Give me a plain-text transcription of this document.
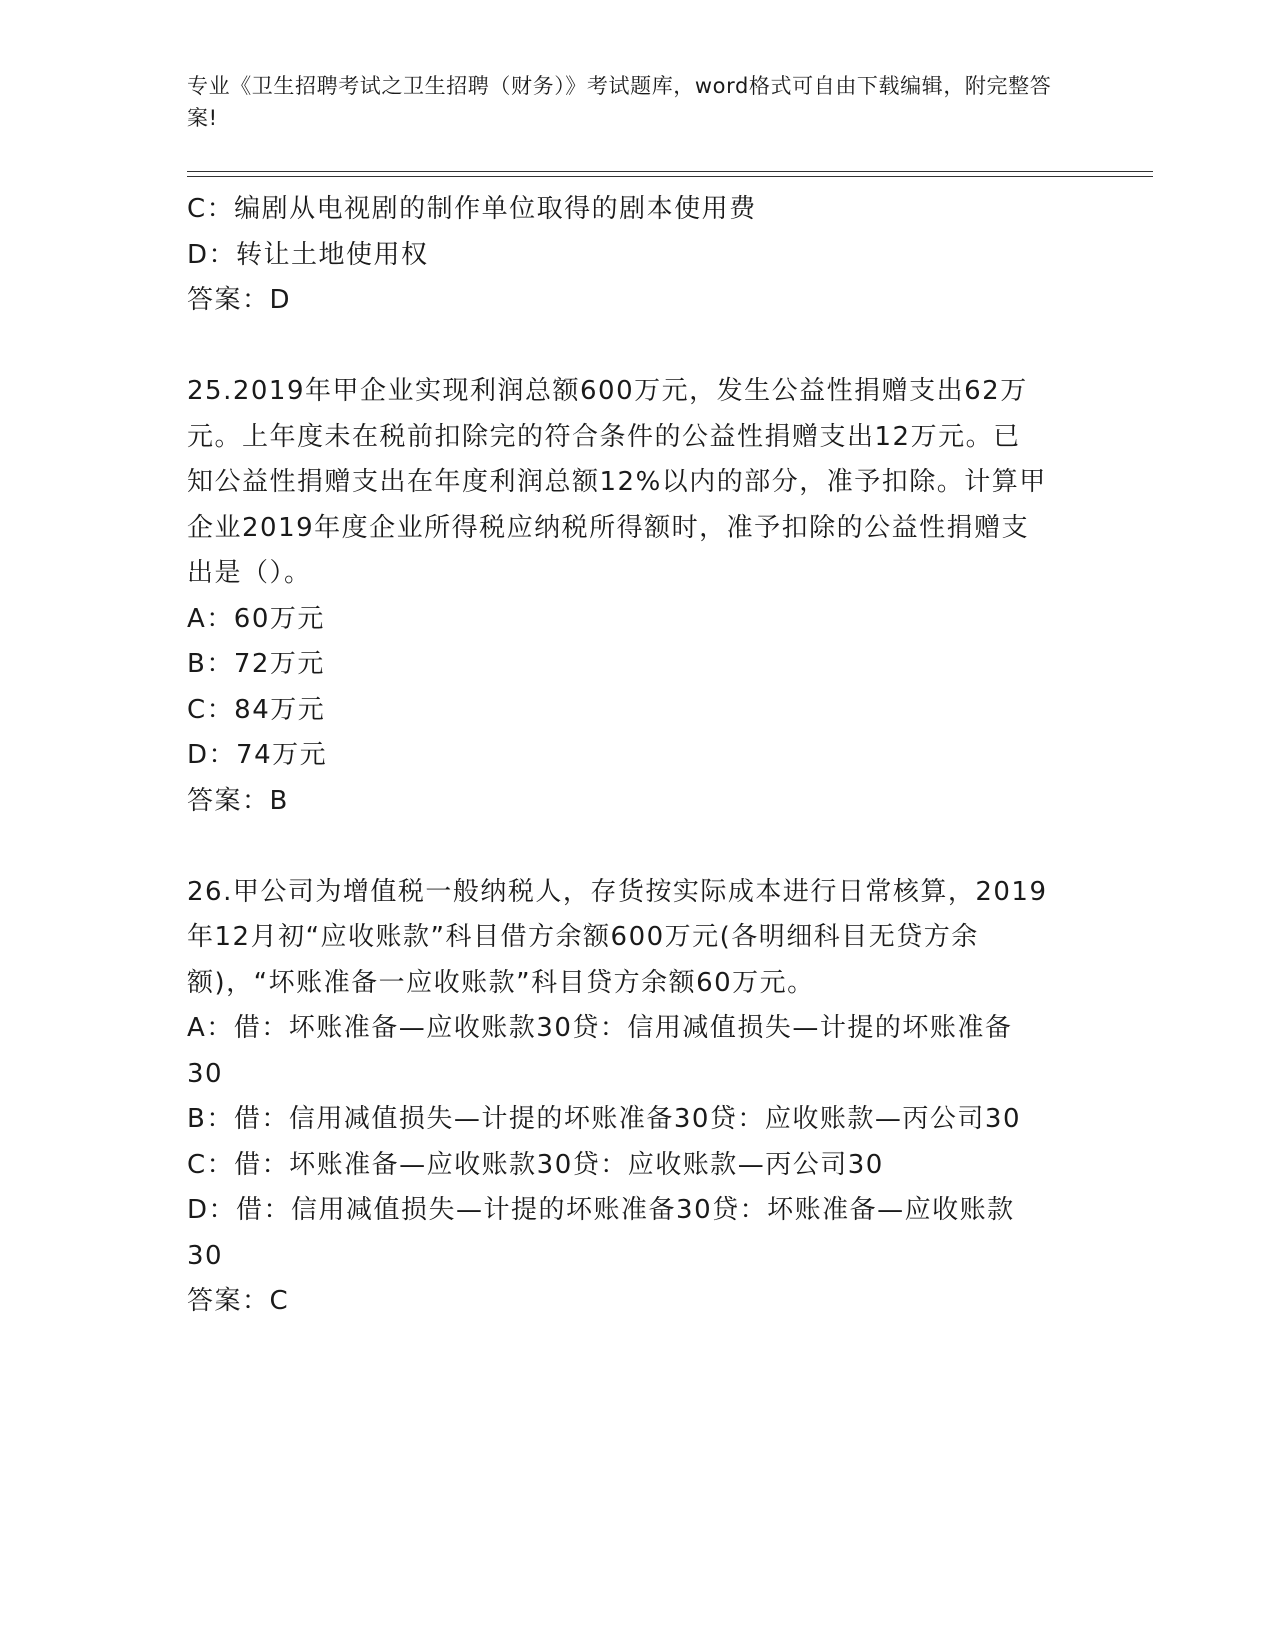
专业《卫生招聘考试之卫生招聘（财务）》考试题库，word格式可自由下载编辑，附完整答案!
C：编剧从电视剧的制作单位取得的剧本使用费
D：转让土地使用权
答案：D
25.2019年甲企业实现利润总额600万元，发生公益性捐赠支出62万
元。上年度未在税前扣除完的符合条件的公益性捐赠支出12万元。已
知公益性捐赠支出在年度利润总额12%以内的部分，准予扣除。计算甲
企业2019年度企业所得税应纳税所得额时，准予扣除的公益性捐赠支
出是（）。
A：60万元
B：72万元
C：84万元
D：74万元
答案：B
26.甲公司为增值税一般纳税人，存货按实际成本进行日常核算，2019
年12月初“应收账款”科目借方余额600万元(各明细科目无贷方余
额)，“坏账准备一应收账款”科目贷方余额60万元。
A：借：坏账准备—应收账款30贷：信用减值损失—计提的坏账准备
30
B：借：信用减值损失—计提的坏账准备30贷：应收账款—丙公司30
C：借：坏账准备—应收账款30贷：应收账款—丙公司30
D：借：信用减值损失—计提的坏账准备30贷：坏账准备—应收账款
30
答案：C
